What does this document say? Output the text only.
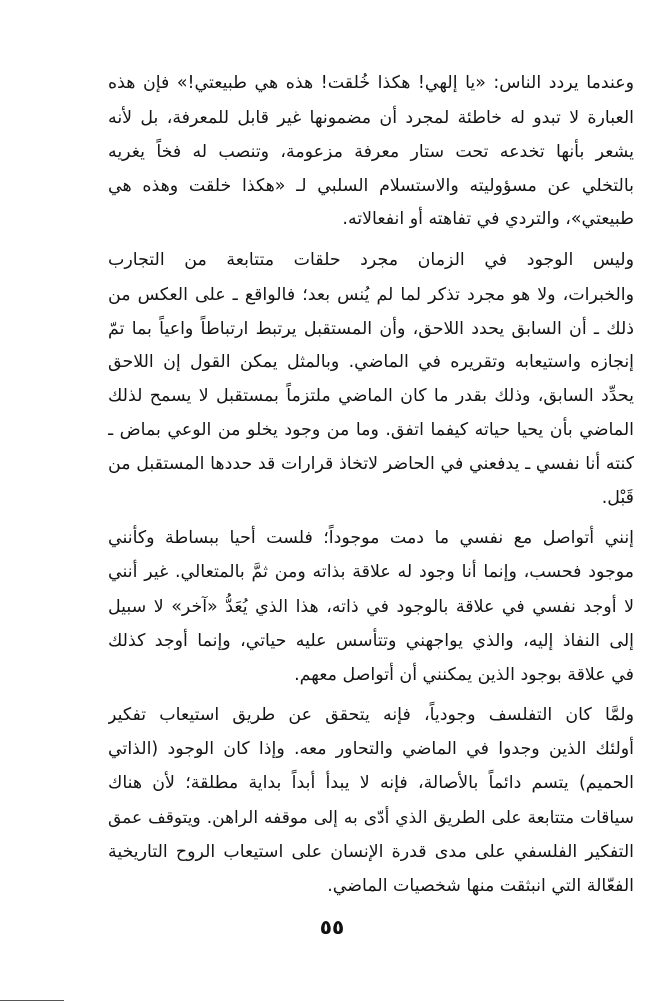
وعندما يردد الناس: «يا إلهي! هكذا خُلقت! هذه هي طبيعتي!» فإن هذه
العبارة لا تبدو له خاطئة لمجرد أن مضمونها غير قابل للمعرفة، بل لأنه
يشعر بأنها تخدعه تحت ستار معرفة مزعومة، وتنصب له فخاً يغريه
بالتخلي عن مسؤوليته والاستسلام السلبي لـ «هكذا خلقت وهذه هي
طبيعتي»، والتردي في تفاهته أو انفعالاته.
وليس الوجود في الزمان مجرد حلقات متتابعة من التجارب
والخبرات، ولا هو مجرد تذكر لما لم يُنس بعد؛ فالواقع ـ على العكس من
ذلك ـ أن السابق يحدد اللاحق، وأن المستقبل يرتبط ارتباطاً واعياً بما تمّ
إنجازه واستيعابه وتقريره في الماضي. وبالمثل يمكن القول إن اللاحق
يحدِّد السابق، وذلك بقدر ما كان الماضي ملتزماً بمستقبل لا يسمح لذلك
الماضي بأن يحيا حياته كيفما اتفق. وما من وجود يخلو من الوعي بماض ـ
كنته أنا نفسي ـ يدفعني في الحاضر لاتخاذ قرارات قد حددها المستقبل من
قَبْل.
إنني أتواصل مع نفسي ما دمت موجوداً؛ فلست أحيا ببساطة وكأنني
موجود فحسب، وإنما أنا وجود له علاقة بذاته ومن ثمَّ بالمتعالي. غير أنني
لا أوجد نفسي في علاقة بالوجود في ذاته، هذا الذي يُعَدُّ «آخر» لا سبيل
إلى النفاذ إليه، والذي يواجهني وتتأسس عليه حياتي، وإنما أوجد كذلك
في علاقة بوجود الذين يمكنني أن أتواصل معهم.
ولمَّا كان التفلسف وجودياً، فإنه يتحقق عن طريق استيعاب تفكير
أولئك الذين وجدوا في الماضي والتحاور معه. وإذا كان الوجود (الذاتي
الحميم) يتسم دائماً بالأصالة، فإنه لا يبدأ أبداً بداية مطلقة؛ لأن هناك
سياقات متتابعة على الطريق الذي أدّى به إلى موقفه الراهن. ويتوقف عمق
التفكير الفلسفي على مدى قدرة الإنسان على استيعاب الروح التاريخية
الفعّالة التي انبثقت منها شخصيات الماضي.
٥٥
